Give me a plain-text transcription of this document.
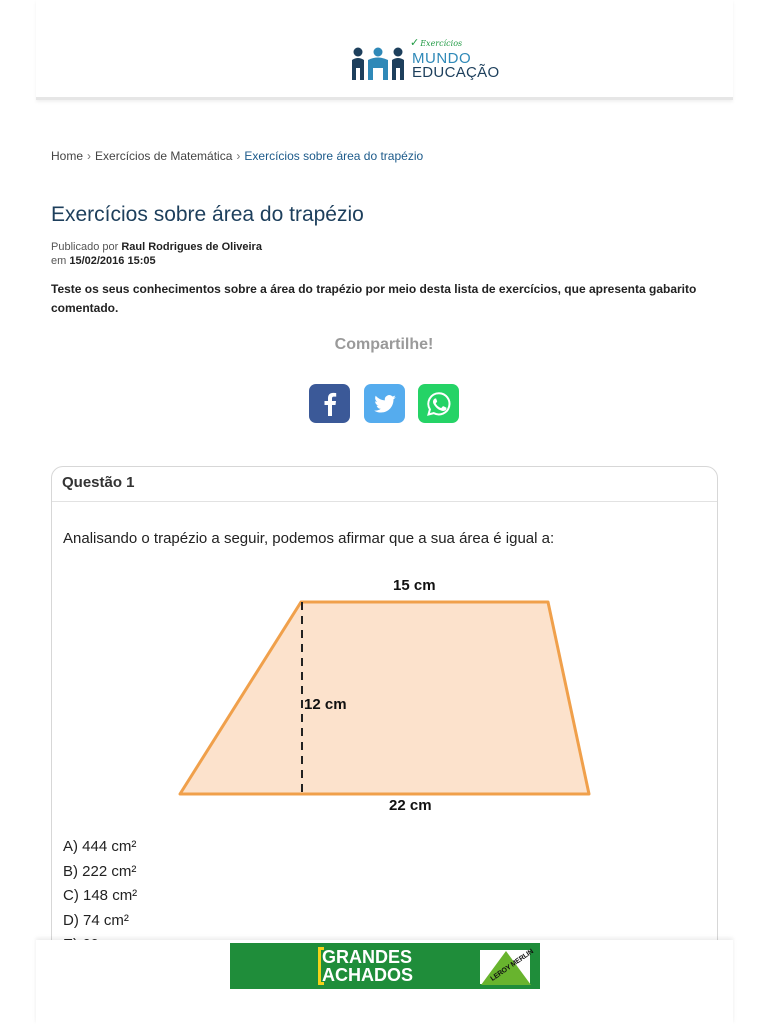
✓Exercícios
MUNDO
EDUCAÇÃO
Home › Exercícios de Matemática › Exercícios sobre área do trapézio
Exercícios sobre área do trapézio
Publicado por Raul Rodrigues de Oliveira
em 15/02/2016 15:05

Teste os seus conhecimentos sobre a área do trapézio por meio desta lista de exercícios, que apresenta gabarito comentado.

Compartilhe!
Questão 1
Analisando o trapézio a seguir, podemos afirmar que a sua área é igual a:
15 cm
12 cm
22 cm
A) 444 cm²
B) 222 cm²
C) 148 cm²
D) 74 cm²
GRANDES
ACHADOS	LEROY MERLIN
